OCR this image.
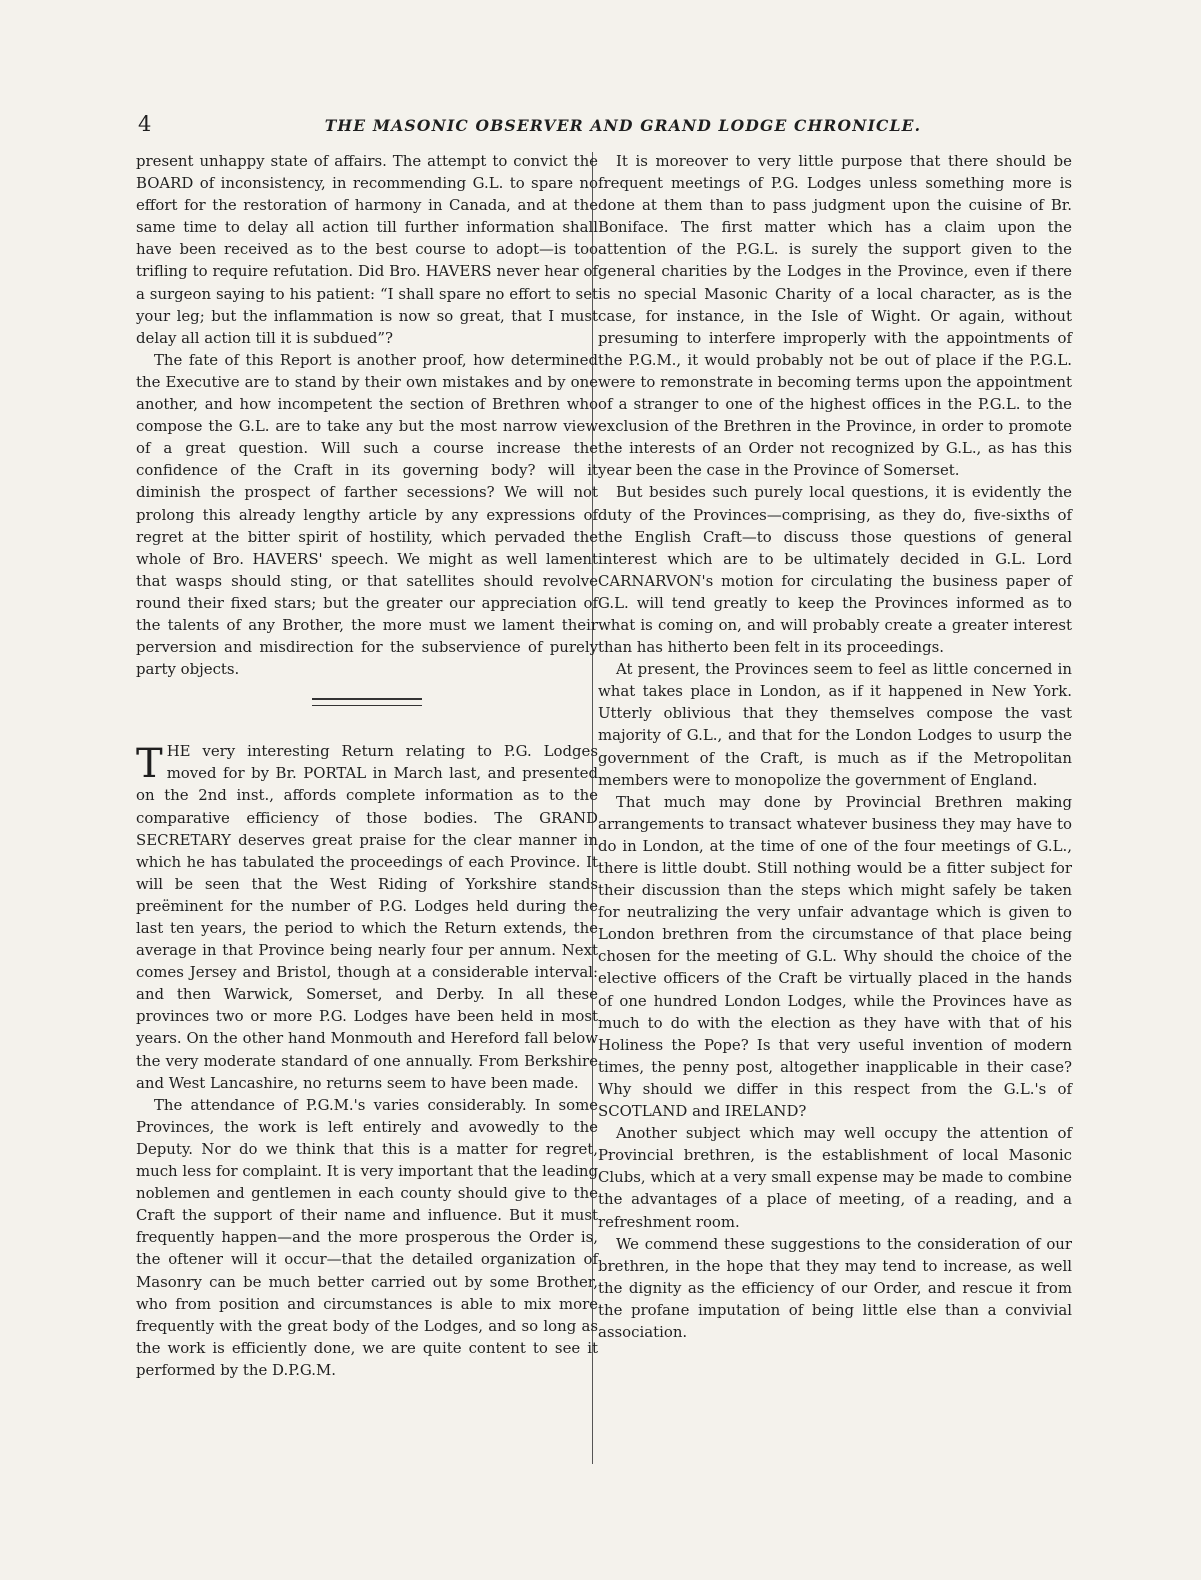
4	THE MASONIC OBSERVER AND GRAND LODGE CHRONICLE.

present unhappy state of affairs. The attempt to convict the BOARD of inconsistency, in recommending G.L. to spare no effort for the restoration of harmony in Canada, and at the same time to delay all action till further information shall have been received as to the best course to adopt—is too trifling to require refutation. Did Bro. HAVERS never hear of a surgeon saying to his patient: “I shall spare no effort to set your leg; but the inflammation is now so great, that I must delay all action till it is subdued”?

The fate of this Report is another proof, how determined the Executive are to stand by their own mistakes and by one another, and how incompetent the section of Brethren who compose the G.L. are to take any but the most narrow view of a great question. Will such a course increase the confidence of the Craft in its governing body? will it diminish the prospect of farther secessions? We will not prolong this already lengthy article by any expressions of regret at the bitter spirit of hostility, which pervaded the whole of Bro. HAVERS' speech. We might as well lament that wasps should sting, or that satellites should revolve round their fixed stars; but the greater our appreciation of the talents of any Brother, the more must we lament their perversion and misdirection for the subservience of purely party objects.

THE very interesting Return relating to P.G. Lodges moved for by Br. PORTAL in March last, and presented on the 2nd inst., affords complete information as to the comparative efficiency of those bodies. The GRAND SECRETARY deserves great praise for the clear manner in which he has tabulated the proceedings of each Province. It will be seen that the West Riding of Yorkshire stands preëminent for the number of P.G. Lodges held during the last ten years, the period to which the Return extends, the average in that Province being nearly four per annum. Next comes Jersey and Bristol, though at a considerable interval: and then Warwick, Somerset, and Derby. In all these provinces two or more P.G. Lodges have been held in most years. On the other hand Monmouth and Hereford fall below the very moderate standard of one annually. From Berkshire and West Lancashire, no returns seem to have been made.

The attendance of P.G.M.'s varies considerably. In some Provinces, the work is left entirely and avowedly to the Deputy. Nor do we think that this is a matter for regret, much less for complaint. It is very important that the leading noblemen and gentlemen in each county should give to the Craft the support of their name and influence. But it must frequently happen—and the more prosperous the Order is, the oftener will it occur—that the detailed organization of Masonry can be much better carried out by some Brother, who from position and circumstances is able to mix more frequently with the great body of the Lodges, and so long as the work is efficiently done, we are quite content to see it performed by the D.P.G.M.

It is moreover to very little purpose that there should be frequent meetings of P.G. Lodges unless something more is done at them than to pass judgment upon the cuisine of Br. Boniface. The first matter which has a claim upon the attention of the P.G.L. is surely the support given to the general charities by the Lodges in the Province, even if there is no special Masonic Charity of a local character, as is the case, for instance, in the Isle of Wight. Or again, without presuming to interfere improperly with the appointments of the P.G.M., it would probably not be out of place if the P.G.L. were to remonstrate in becoming terms upon the appointment of a stranger to one of the highest offices in the P.G.L. to the exclusion of the Brethren in the Province, in order to promote the interests of an Order not recognized by G.L., as has this year been the case in the Province of Somerset.

But besides such purely local questions, it is evidently the duty of the Provinces—comprising, as they do, five-sixths of the English Craft—to discuss those questions of general interest which are to be ultimately decided in G.L. Lord CARNARVON's motion for circulating the business paper of G.L. will tend greatly to keep the Provinces informed as to what is coming on, and will probably create a greater interest than has hitherto been felt in its proceedings.

At present, the Provinces seem to feel as little concerned in what takes place in London, as if it happened in New York. Utterly oblivious that they themselves compose the vast majority of G.L., and that for the London Lodges to usurp the government of the Craft, is much as if the Metropolitan members were to monopolize the government of England.

That much may done by Provincial Brethren making arrangements to transact whatever business they may have to do in London, at the time of one of the four meetings of G.L., there is little doubt. Still nothing would be a fitter subject for their discussion than the steps which might safely be taken for neutralizing the very unfair advantage which is given to London brethren from the circumstance of that place being chosen for the meeting of G.L. Why should the choice of the elective officers of the Craft be virtually placed in the hands of one hundred London Lodges, while the Provinces have as much to do with the election as they have with that of his Holiness the Pope? Is that very useful invention of modern times, the penny post, altogether inapplicable in their case? Why should we differ in this respect from the G.L.'s of SCOTLAND and IRELAND?

Another subject which may well occupy the attention of Provincial brethren, is the establishment of local Masonic Clubs, which at a very small expense may be made to combine the advantages of a place of meeting, of a reading, and a refreshment room.

We commend these suggestions to the consideration of our brethren, in the hope that they may tend to increase, as well the dignity as the efficiency of our Order, and rescue it from the profane imputation of being little else than a convivial association.
